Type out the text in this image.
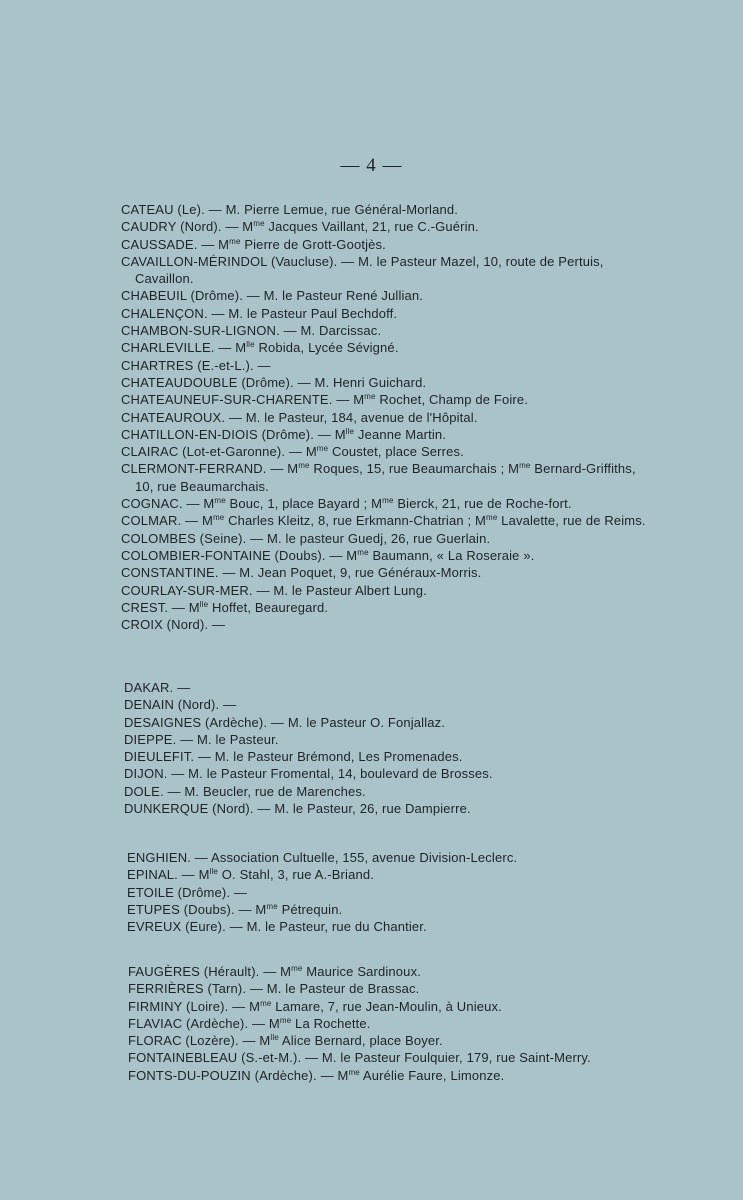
— 4 —
CATEAU (Le). — M. Pierre Lemue, rue Général-Morland.
CAUDRY (Nord). — $M^{me}$ Jacques Vaillant, 21, rue C.-Guérin.
CAUSSADE. — $M^{me}$ Pierre de Grott-Gootjès.
CAVAILLON-MÉRINDOL (Vaucluse). — M. le Pasteur Mazel, 10, route de Pertuis, Cavaillon.
CHABEUIL (Drôme). — M. le Pasteur René Jullian.
CHALENÇON. — M. le Pasteur Paul Bechdoff.
CHAMBON-SUR-LIGNON. — M. Darcissac.
CHARLEVILLE. — $M^{lle}$ Robida, Lycée Sévigné.
CHARTRES (E.-et-L.). —
CHATEAUDOUBLE (Drôme). — M. Henri Guichard.
CHATEAUNEUF-SUR-CHARENTE. — $M^{me}$ Rochet, Champ de Foire.
CHATEAUROUX. — M. le Pasteur, 184, avenue de l'Hôpital.
CHATILLON-EN-DIOIS (Drôme). — $M^{lle}$ Jeanne Martin.
CLAIRAC (Lot-et-Garonne). — $M^{me}$ Coustet, place Serres.
CLERMONT-FERRAND. — $M^{me}$ Roques, 15, rue Beaumarchais ; $M^{me}$ Bernard-Griffiths, 10, rue Beaumarchais.
COGNAC. — $M^{me}$ Bouc, 1, place Bayard ; $M^{me}$ Bierck, 21, rue de Roche-fort.
COLMAR. — $M^{me}$ Charles Kleitz, 8, rue Erkmann-Chatrian ; $M^{me}$ Lavalette, rue de Reims.
COLOMBES (Seine). — M. le pasteur Guedj, 26, rue Guerlain.
COLOMBIER-FONTAINE (Doubs). — $M^{me}$ Baumann, « La Roseraie ».
CONSTANTINE. — M. Jean Poquet, 9, rue Généraux-Morris.
COURLAY-SUR-MER. — M. le Pasteur Albert Lung.
CREST. — $M^{lle}$ Hoffet, Beauregard.
CROIX (Nord). —
DAKAR. —
DENAIN (Nord). —
DESAIGNES (Ardèche). — M. le Pasteur O. Fonjallaz.
DIEPPE. — M. le Pasteur.
DIEULEFIT. — M. le Pasteur Brémond, Les Promenades.
DIJON. — M. le Pasteur Fromental, 14, boulevard de Brosses.
DOLE. — M. Beucler, rue de Marenches.
DUNKERQUE (Nord). — M. le Pasteur, 26, rue Dampierre.
ENGHIEN. — Association Cultuelle, 155, avenue Division-Leclerc.
EPINAL. — $M^{lle}$ O. Stahl, 3, rue A.-Briand.
ETOILE (Drôme). —
ETUPES (Doubs). — $M^{me}$ Pétrequin.
EVREUX (Eure). — M. le Pasteur, rue du Chantier.
FAUGÈRES (Hérault). — $M^{me}$ Maurice Sardinoux.
FERRIÈRES (Tarn). — M. le Pasteur de Brassac.
FIRMINY (Loire). — $M^{me}$ Lamare, 7, rue Jean-Moulin, à Unieux.
FLAVIAC (Ardèche). — $M^{me}$ La Rochette.
FLORAC (Lozère). — $M^{lle}$ Alice Bernard, place Boyer.
FONTAINEBLEAU (S.-et-M.). — M. le Pasteur Foulquier, 179, rue Saint-Merry.
FONTS-DU-POUZIN (Ardèche). — $M^{me}$ Aurélie Faure, Limonze.
